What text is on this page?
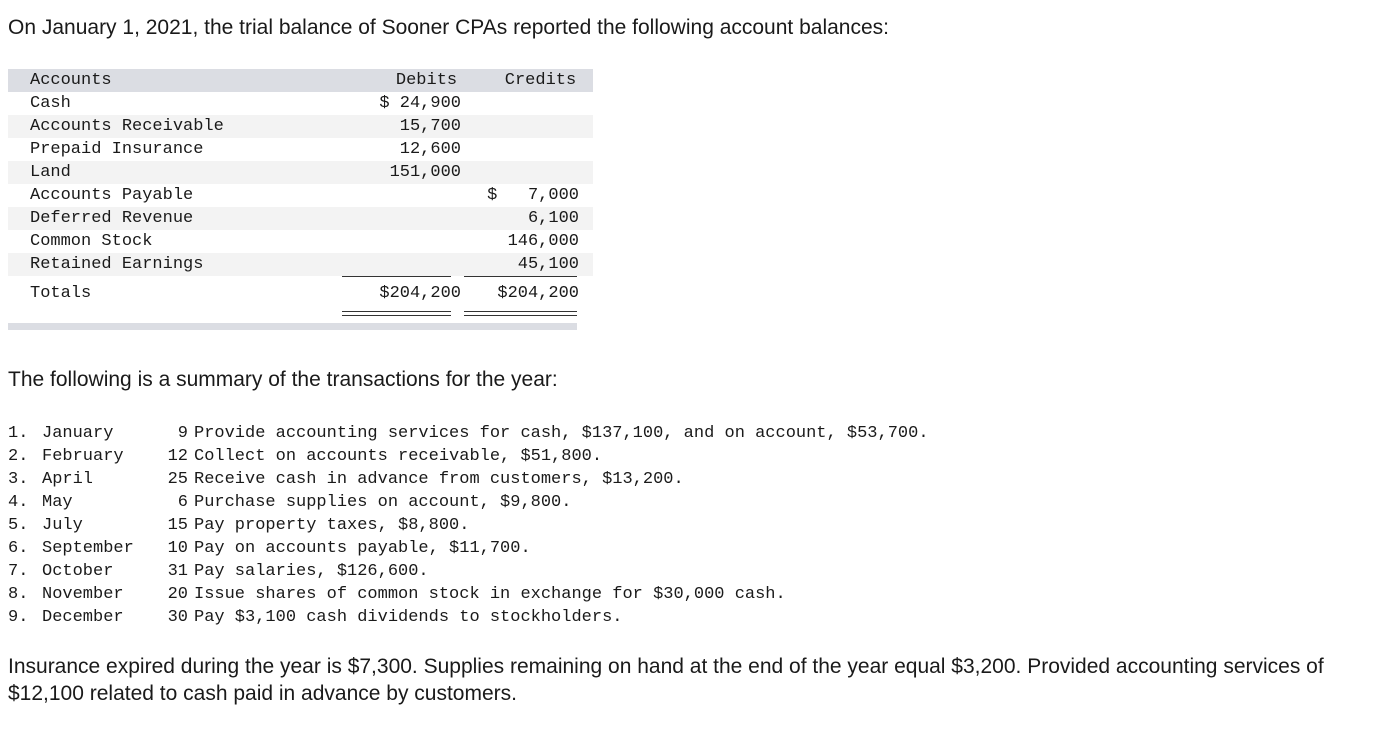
On January 1, 2021, the trial balance of Sooner CPAs reported the following account balances:

Accounts	Debits	Credits
Cash	$ 24,900	
Accounts Receivable	15,700	
Prepaid Insurance	12,600	
Land	151,000	
Accounts Payable		$   7,000
Deferred Revenue		6,100
Common Stock		146,000
Retained Earnings		45,100
Totals	$204,200	$204,200

The following is a summary of the transactions for the year:

1. January	9 Provide accounting services for cash, $137,100, and on account, $53,700.
2. February	12 Collect on accounts receivable, $51,800.
3. April	25 Receive cash in advance from customers, $13,200.
4. May	6 Purchase supplies on account, $9,800.
5. July	15 Pay property taxes, $8,800.
6. September	10 Pay on accounts payable, $11,700.
7. October	31 Pay salaries, $126,600.
8. November	20 Issue shares of common stock in exchange for $30,000 cash.
9. December	30 Pay $3,100 cash dividends to stockholders.

Insurance expired during the year is $7,300. Supplies remaining on hand at the end of the year equal $3,200. Provided accounting services of $12,100 related to cash paid in advance by customers.
